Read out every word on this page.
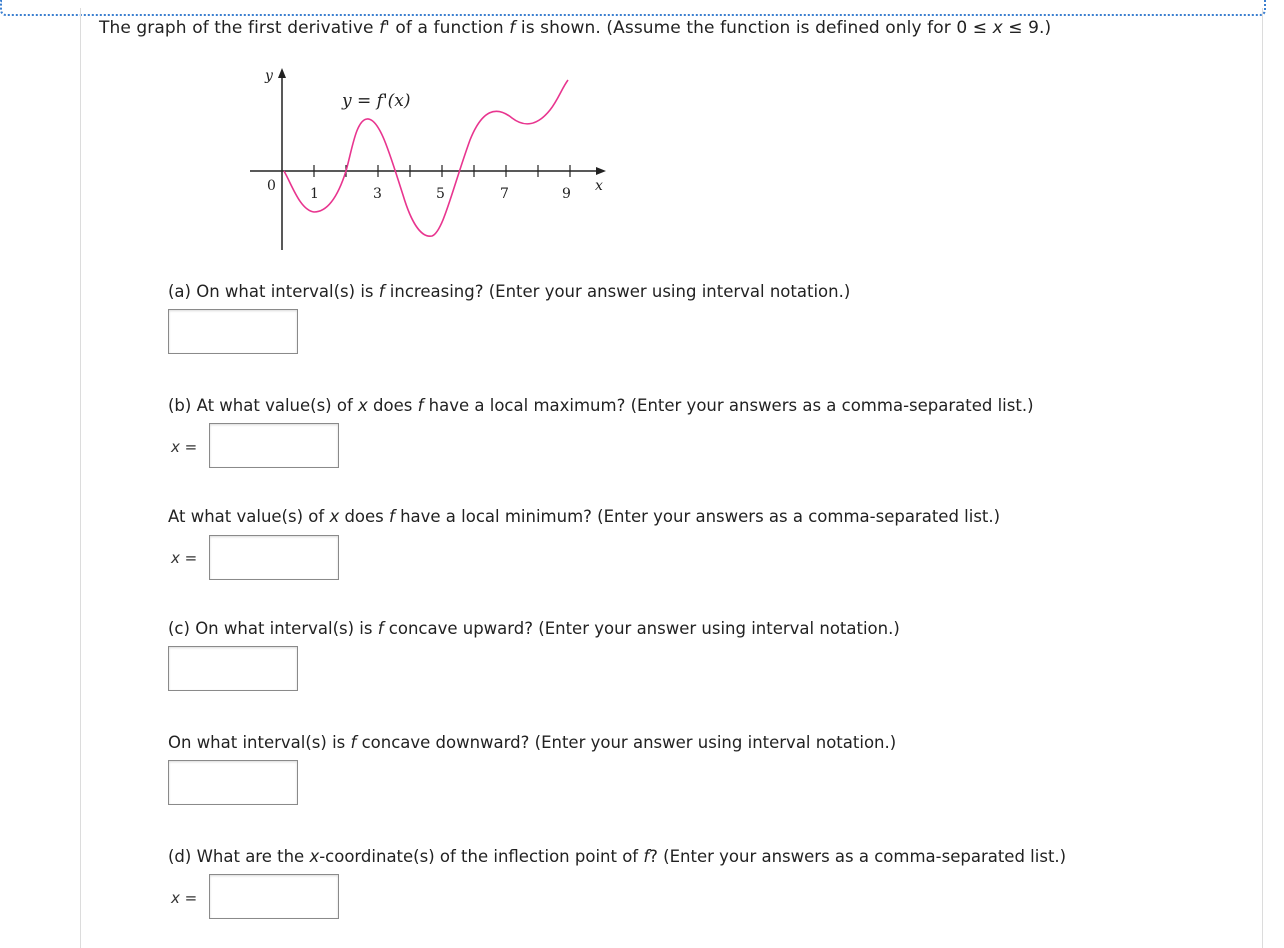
The graph of the first derivative f' of a function f is shown. (Assume the function is defined only for 0 ≤ x ≤ 9.)
y
x
y = f'(x)
0 1	3	5	7	9
(a) On what interval(s) is f increasing? (Enter your answer using interval notation.)
(b) At what value(s) of x does f have a local maximum? (Enter your answers as a comma-separated list.)
x =
At what value(s) of x does f have a local minimum? (Enter your answers as a comma-separated list.)
x =
(c) On what interval(s) is f concave upward? (Enter your answer using interval notation.)
On what interval(s) is f concave downward? (Enter your answer using interval notation.)
(d) What are the x-coordinate(s) of the inflection point of f? (Enter your answers as a comma-separated list.)
x =
